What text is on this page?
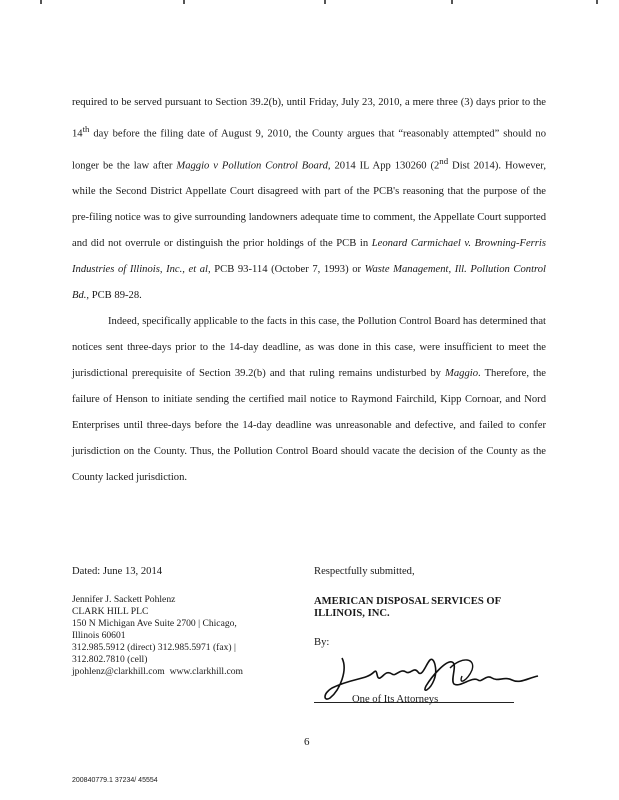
required to be served pursuant to Section 39.2(b), until Friday, July 23, 2010, a mere three (3) days prior to the 14th day before the filing date of August 9, 2010, the County argues that “reasonably attempted” should no longer be the law after Maggio v Pollution Control Board, 2014 IL App 130260 (2nd Dist 2014). However, while the Second District Appellate Court disagreed with part of the PCB's reasoning that the purpose of the pre-filing notice was to give surrounding landowners adequate time to comment, the Appellate Court supported and did not overrule or distinguish the prior holdings of the PCB in Leonard Carmichael v. Browning-Ferris Industries of Illinois, Inc., et al, PCB 93-114 (October 7, 1993) or Waste Management, Ill. Pollution Control Bd., PCB 89-28.

Indeed, specifically applicable to the facts in this case, the Pollution Control Board has determined that notices sent three-days prior to the 14-day deadline, as was done in this case, were insufficient to meet the jurisdictional prerequisite of Section 39.2(b) and that ruling remains undisturbed by Maggio. Therefore, the failure of Henson to initiate sending the certified mail notice to Raymond Fairchild, Kipp Cornoar, and Nord Enterprises until three-days before the 14-day deadline was unreasonable and defective, and failed to confer jurisdiction on the County. Thus, the Pollution Control Board should vacate the decision of the County as the County lacked jurisdiction.

Dated: June 13, 2014	Respectfully submitted,
Jennifer J. Sackett Pohlenz
CLARK HILL PLC
150 N Michigan Ave Suite 2700 | Chicago,
Illinois 60601
312.985.5912 (direct) 312.985.5971 (fax) |
312.802.7810 (cell)
jpohlenz@clarkhill.com www.clarkhill.com
AMERICAN DISPOSAL SERVICES OF
ILLINOIS, INC.
By:
One of Its Attorneys
6
200840779.1 37234/ 45554
